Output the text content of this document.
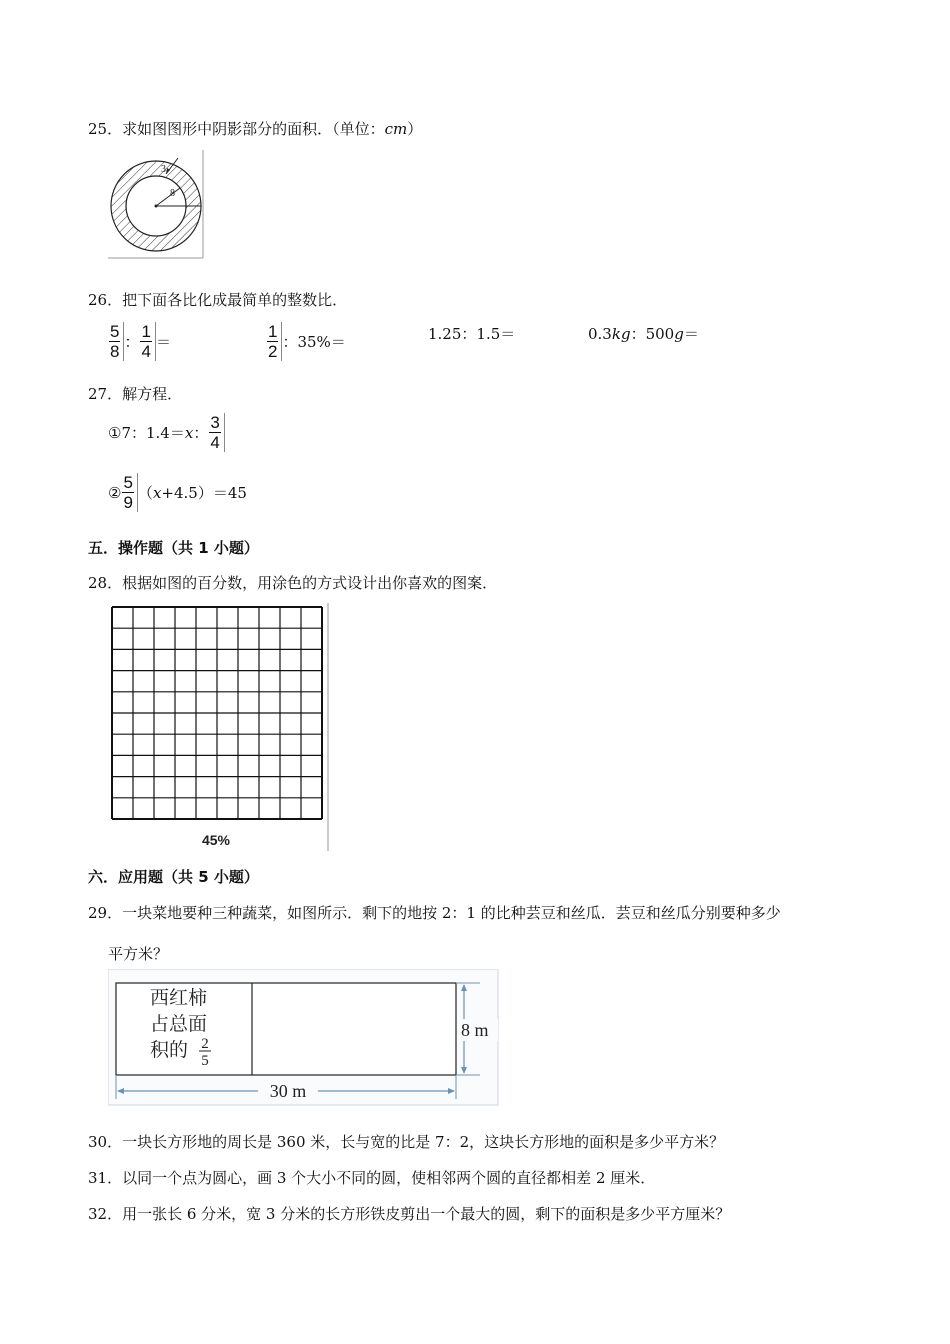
25．求如图图形中阴影部分的面积．（单位：cm）
3
8
26．把下面各比化成最简单的整数比．
$\frac{5}{8}$ ： $\frac{1}{4}$ ＝	$\frac{1}{2}$ ：35%＝	1.25：1.5＝	0.3kg：500g＝
27．解方程．
①7：1.4＝ x ： $\frac{3}{4}$
② $\frac{5}{9}$ （ x +4.5）＝45
五．操作题（共 1 小题）
28．根据如图的百分数，用涂色的方式设计出你喜欢的图案．
45%
六．应用题（共 5 小题）
29．一块菜地要种三种蔬菜，如图所示．剩下的地按 2：1 的比种芸豆和丝瓜．芸豆和丝瓜分别要种多少
平方米？
西红柿
占总面
积的 2
5
8 m
30 m
30．一块长方形地的周长是 360 米，长与宽的比是 7：2，这块长方形地的面积是多少平方米？
31．以同一个点为圆心，画 3 个大小不同的圆，使相邻两个圆的直径都相差 2 厘米．
32．用一张长 6 分米，宽 3 分米的长方形铁皮剪出一个最大的圆，剩下的面积是多少平方厘米？
